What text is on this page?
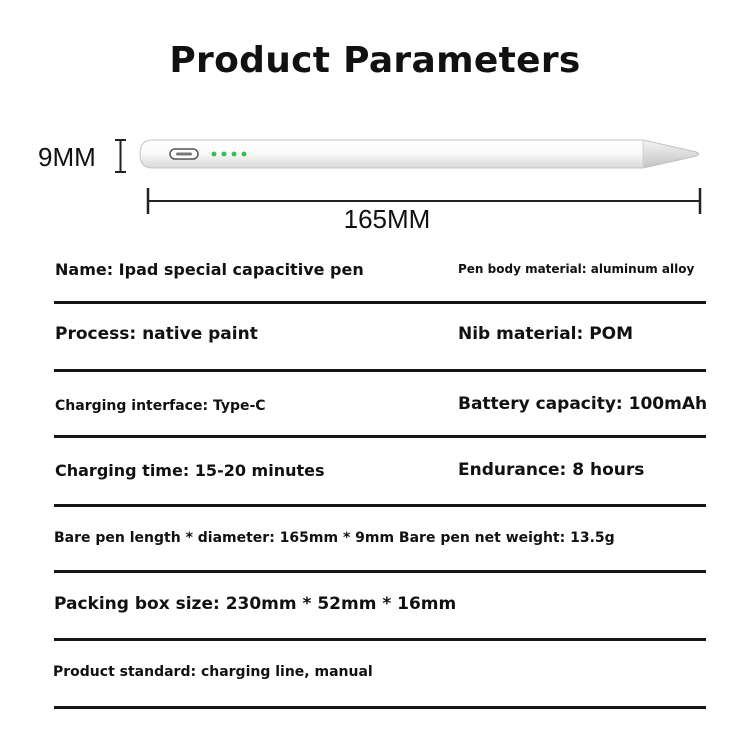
Product Parameters
9MM
165MM
Name: Ipad special capacitive pen	Pen body material: aluminum alloy
Process: native paint	Nib material: POM
Charging interface: Type-C	Battery capacity: 100mAh
Charging time: 15-20 minutes	Endurance: 8 hours
Bare pen length * diameter: 165mm * 9mm Bare pen net weight: 13.5g
Packing box size: 230mm * 52mm * 16mm
Product standard: charging line, manual
